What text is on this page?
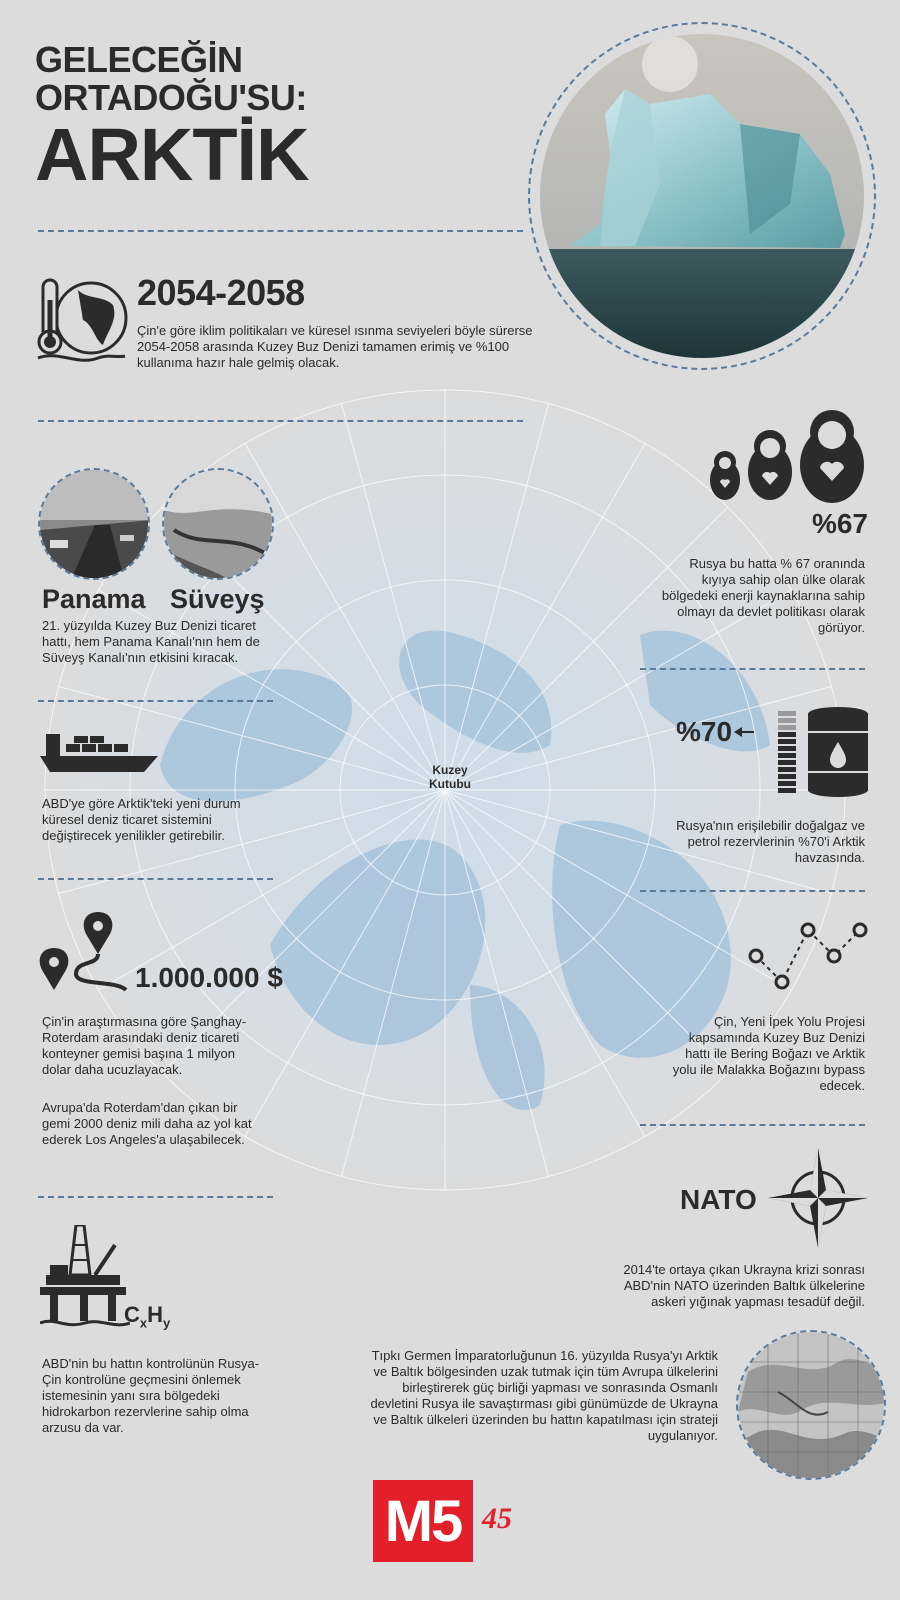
GELECEĞİN
ORTADOĞU'SU:
ARKTİK
2054-2058
Çin'e göre iklim politikaları ve küresel ısınma seviyeleri böyle sürerse 2054-2058 arasında Kuzey Buz Denizi tamamen erimiş ve %100 kullanıma hazır hale gelmiş olacak.
Panama Süveyş
21. yüzyılda Kuzey Buz Denizi ticaret hattı, hem Panama Kanalı'nın hem de Süveyş Kanalı'nın etkisini kıracak.
ABD'ye göre Arktik'teki yeni durum küresel deniz ticaret sistemini değiştirecek yenilikler getirebilir.
1.000.000 $
Çin'in araştırmasına göre Şanghay-Roterdam arasındaki deniz ticareti konteyner gemisi başına 1 milyon dolar daha ucuzlayacak.
Avrupa'da Roterdam'dan çıkan bir gemi 2000 deniz mili daha az yol kat ederek Los Angeles'a ulaşabilecek.
$C_xH_y$
ABD'nin bu hattın kontrolünün Rusya-Çin kontrolüne geçmesini önlemek istemesinin yanı sıra bölgedeki hidrokarbon rezervlerine sahip olma arzusu da var.
%67
Rusya bu hatta % 67 oranında kıyıya sahip olan ülke olarak bölgedeki enerji kaynaklarına sahip olmayı da devlet politikası olarak görüyor.
%70
Rusya'nın erişilebilir doğalgaz ve petrol rezervlerinin %70'i Arktik havzasında.
Çin, Yeni İpek Yolu Projesi kapsamında Kuzey Buz Denizi hattı ile Bering Boğazı ve Arktik yolu ile Malakka Boğazını bypass edecek.
NATO
2014'te ortaya çıkan Ukrayna krizi sonrası ABD'nin NATO üzerinden Baltık ülkelerine askeri yığınak yapması tesadüf değil.
Tıpkı Germen İmparatorluğunun 16. yüzyılda Rusya'yı Arktik ve Baltık bölgesinden uzak tutmak için tüm Avrupa ülkelerini birleştirerek güç birliği yapması ve sonrasında Osmanlı devletini Rusya ile savaştırması gibi günümüzde de Ukrayna ve Baltık ülkeleri üzerinden bu hattın kapatılması için strateji uygulanıyor.
Kuzey
Kutubu
M5 45
